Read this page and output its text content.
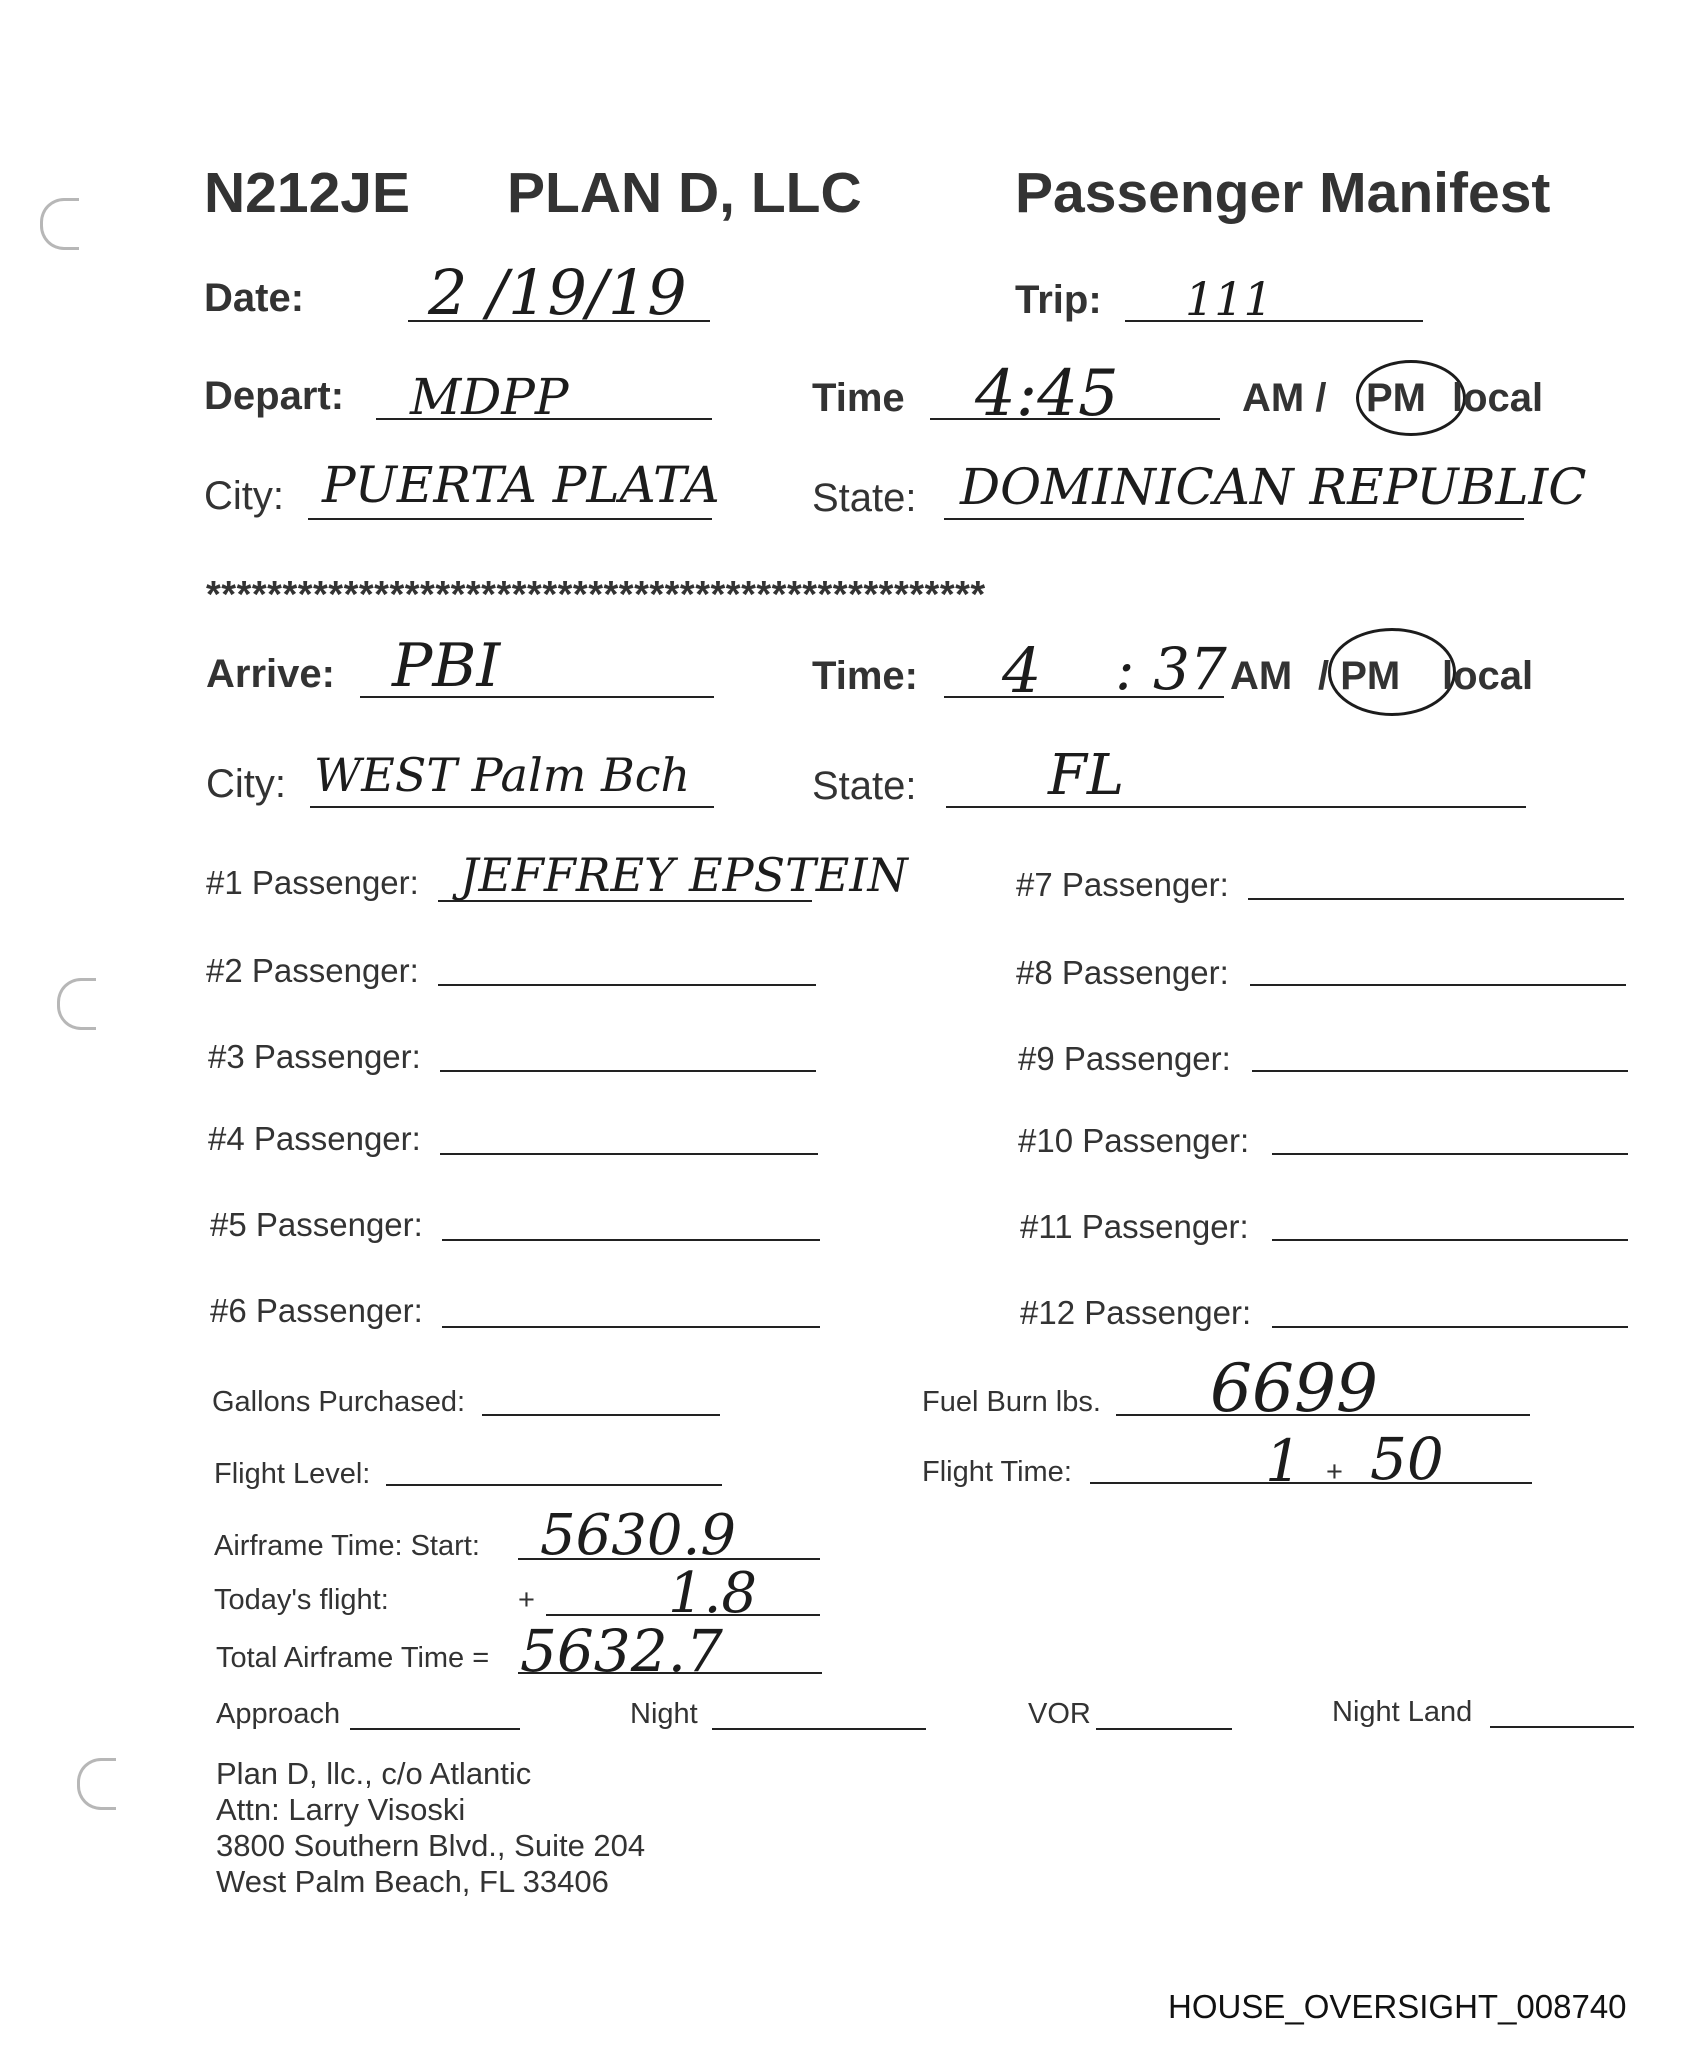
N212JE PLAN D, LLC	Passenger Manifest
Date: 2 /19/19	Trip: 111
Depart: MDPP	Time 4:45	AM / PM local
City: PUERTA PLATA State: DOMINICAN REPUBLIC
***************************************************
Arrive: PBI	Time: 4 : 37 AM / PM local
City: WEST Palm Bch	State: FL
#1 Passenger: JEFFREY EPSTEIN
#2 Passenger:
#3 Passenger:
#4 Passenger:
#5 Passenger:
#6 Passenger:
#7 Passenger:
#8 Passenger:
#9 Passenger:
#10 Passenger:
#11 Passenger:
#12 Passenger:
Gallons Purchased:	Fuel Burn lbs. 6699
Flight Level:	Flight Time:	1 + 50
Airframe Time: Start: 5630.9
Today's flight:	+ 1.8
Total Airframe Time = 5632.7
Approach	Night	VOR	Night Land
Plan D, llc., c/o Atlantic
Attn: Larry Visoski
3800 Southern Blvd., Suite 204
West Palm Beach, FL 33406
HOUSE_OVERSIGHT_008740
